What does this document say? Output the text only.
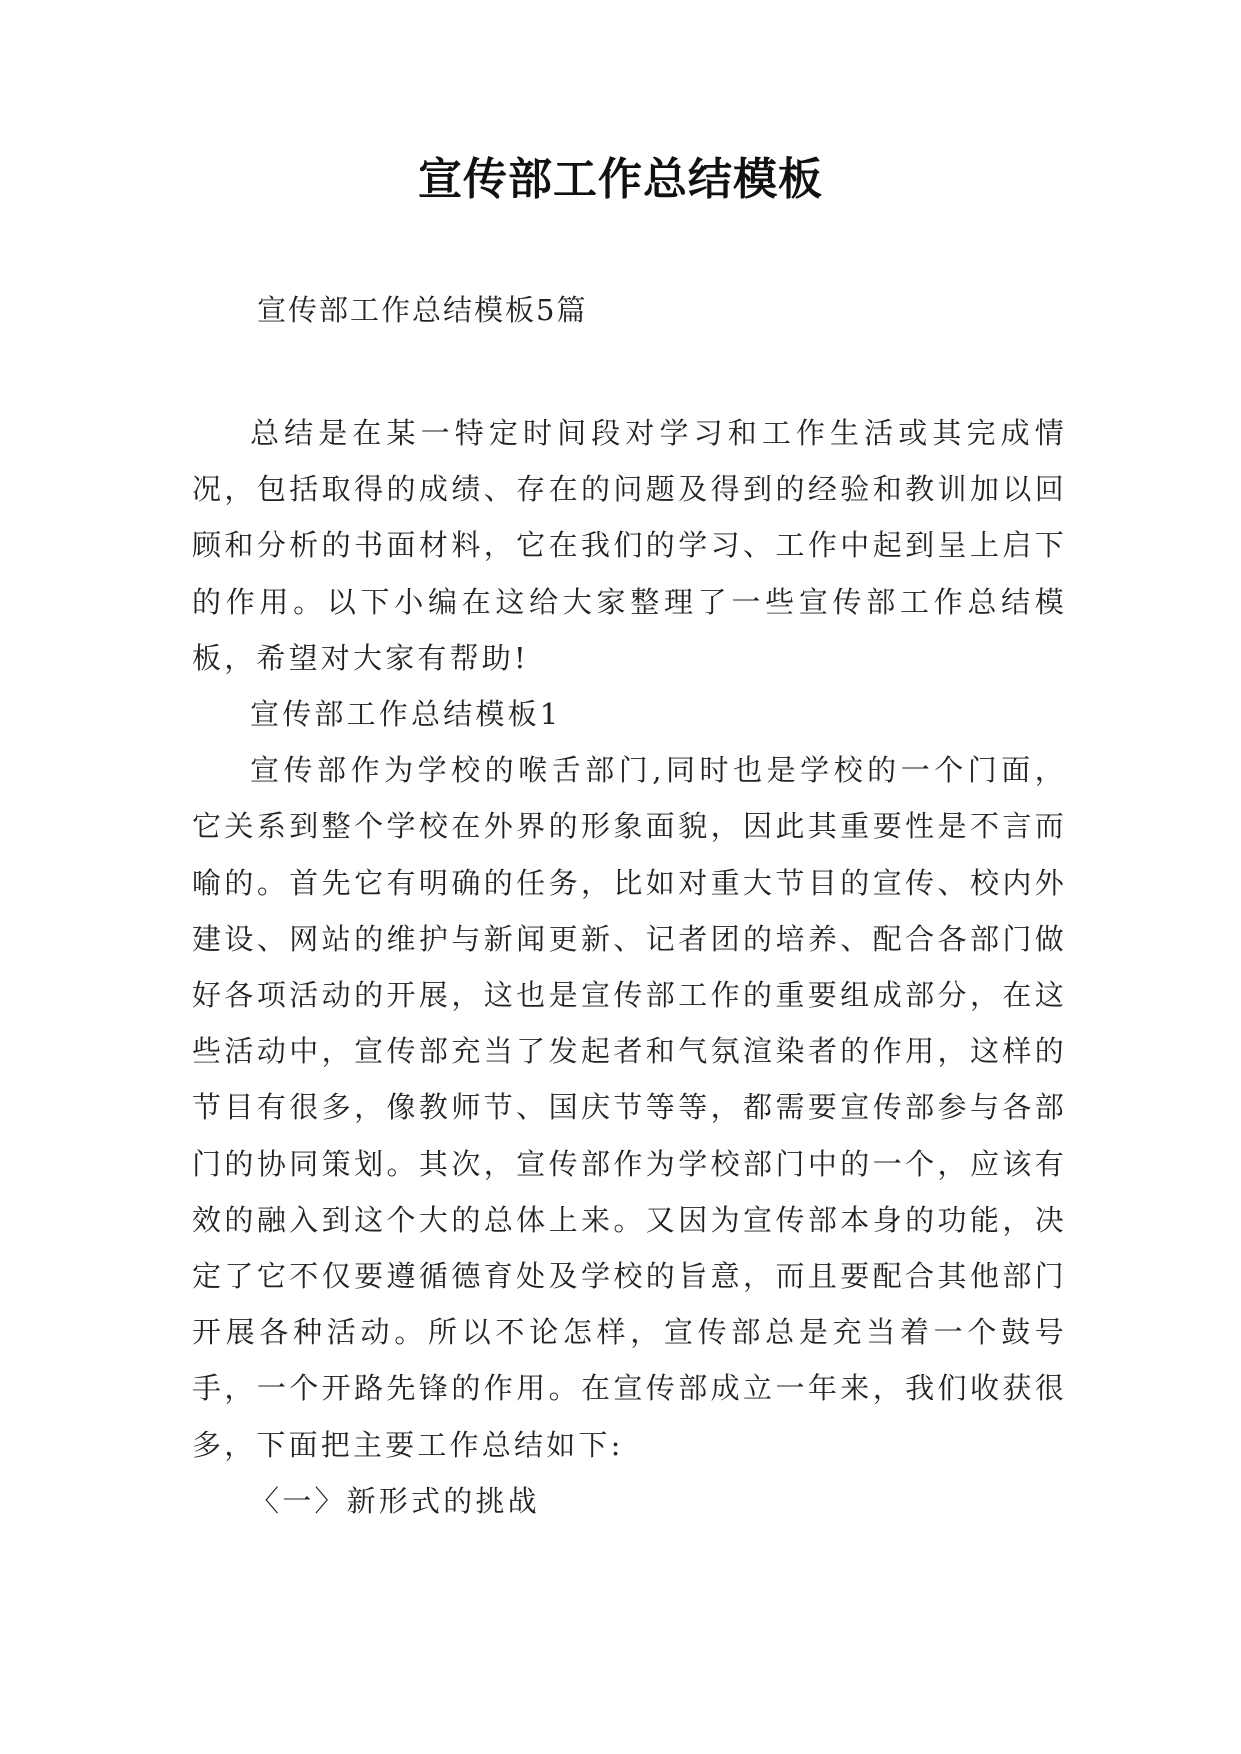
宣传部工作总结模板
宣传部工作总结模板5篇

总结是在某一特定时间段对学习和工作生活或其完成情况，包括取得的成绩、存在的问题及得到的经验和教训加以回顾和分析的书面材料，它在我们的学习、工作中起到呈上启下的作用。以下小编在这给大家整理了一些宣传部工作总结模板，希望对大家有帮助!

宣传部工作总结模板1

宣传部作为学校的喉舌部门,同时也是学校的一个门面，它关系到整个学校在外界的形象面貌，因此其重要性是不言而喻的。首先它有明确的任务，比如对重大节目的宣传、校内外建设、网站的维护与新闻更新、记者团的培养、配合各部门做好各项活动的开展，这也是宣传部工作的重要组成部分，在这些活动中，宣传部充当了发起者和气氛渲染者的作用，这样的节目有很多，像教师节、国庆节等等，都需要宣传部参与各部门的协同策划。其次，宣传部作为学校部门中的一个，应该有效的融入到这个大的总体上来。又因为宣传部本身的功能，决定了它不仅要遵循德育处及学校的旨意，而且要配合其他部门开展各种活动。所以不论怎样，宣传部总是充当着一个鼓号手，一个开路先锋的作用。在宣传部成立一年来，我们收获很多，下面把主要工作总结如下:

〈一〉新形式的挑战
